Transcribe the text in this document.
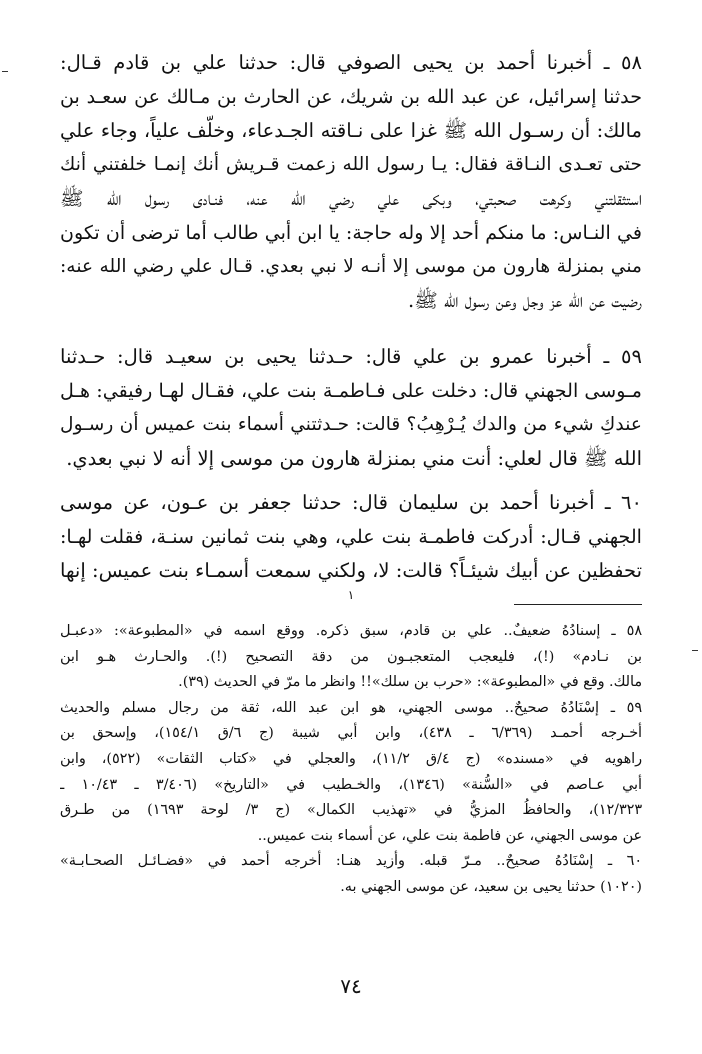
٥٨ ـ أخبرنا أحمد بن يحيى الصوفي قال: حدثنا علي بن قادم قـال:
حدثنا إسرائيل، عن عبد الله بن شريك، عن الحارث بن مـالك عن سعـد بن
مالك: أن رسـول الله ﷺ غزا على نـاقته الجـدعاء، وخلّف علياً، وجاء علي
حتى تعـدى النـاقة فقال: يـا رسول الله زعمت قـريش أنك إنمـا خلفتني أنك
استثقلتني وكرهت صحبتي، وبكى علي رضي الله عنه، فنـادى رسول الله ﷺ
في النـاس: ما منكم أحد إلا وله حاجة: يا ابن أبي طالب أما ترضى أن تكون
مني بمنزلة هارون من موسى إلا أنـه لا نبي بعدي. قـال علي رضي الله عنه:
رضيت عن الله عز وجل وعن رسول الله ﷺ.
٥٩ ـ أخبرنا عمرو بن علي قال: حـدثنا يحيى بن سعيـد قال: حـدثنا
مـوسى الجهني قال: دخلت على فـاطمـة بنت علي، فقـال لهـا رفيقي: هـل
عندكِ شيء من والدك يُـرْهِبُ؟ قالت: حـدثتني أسماء بنت عميس أن رسـول
الله ﷺ قال لعلي: أنت مني بمنزلة هارون من موسى إلا أنه لا نبي بعدي.
٦٠ ـ أخبرنا أحمد بن سليمان قال: حدثنا جعفر بن عـون، عن موسى
الجهني قـال: أدركت فاطمـة بنت علي، وهي بنت ثمانين سنـة، فقلت لهـا:
تحفظين عن أبيك شيئـاً؟ قالت: لا، ولكني سمعت أسمـاء بنت عميس: إنها
١
٥٨ ـ إسنادُهُ ضعيفٌ.. علي بن قادم، سبق ذكره. ووقع اسمه في «المطبوعة»: «دعبـل
بن نـادم» (!)، فليعجب المتعجبـون من دقة التصحيح (!). والحـارث هـو ابن
مالك. وقع في «المطبوعة»: «حرب بن سلك»!! وانظر ما مرّ في الحديث (٣٩).
٥٩ ـ إسْنَادُهُ صحيحٌ.. موسى الجهني، هو ابن عبد الله، ثقة من رجال مسلم والحديث
أخـرجه أحمـد (٦/٣٦٩ ـ ٤٣٨)، وابن أبي شيبة (ج ٦/ق ١٥٤/١)، وإسحق بن
راهويه في «مسنده» (ج ٤/ق ١١/٢)، والعجلي في «كتاب الثقات» (٥٢٢)، وابن
أبي عـاصم في «السُّنة» (١٣٤٦)، والخـطيب في «التاريخ» (٣/٤٠٦ ـ ١٠/٤٣ ـ
١٢/٣٢٣)، والحافظُ المزيُّ في «تهذيب الكمال» (ج ٣/ لوحة ١٦٩٣) من طـرق
عن موسى الجهني، عن فاطمة بنت علي، عن أسماء بنت عميس..
٦٠ ـ إسْنَادُهُ صحيحٌ.. مـرّ قبله. وأزيد هنـا: أخرجه أحمد في «فضـائـل الصحـابـة»
(١٠٢٠) حدثنا يحيى بن سعيد، عن موسى الجهني به.
٧٤
